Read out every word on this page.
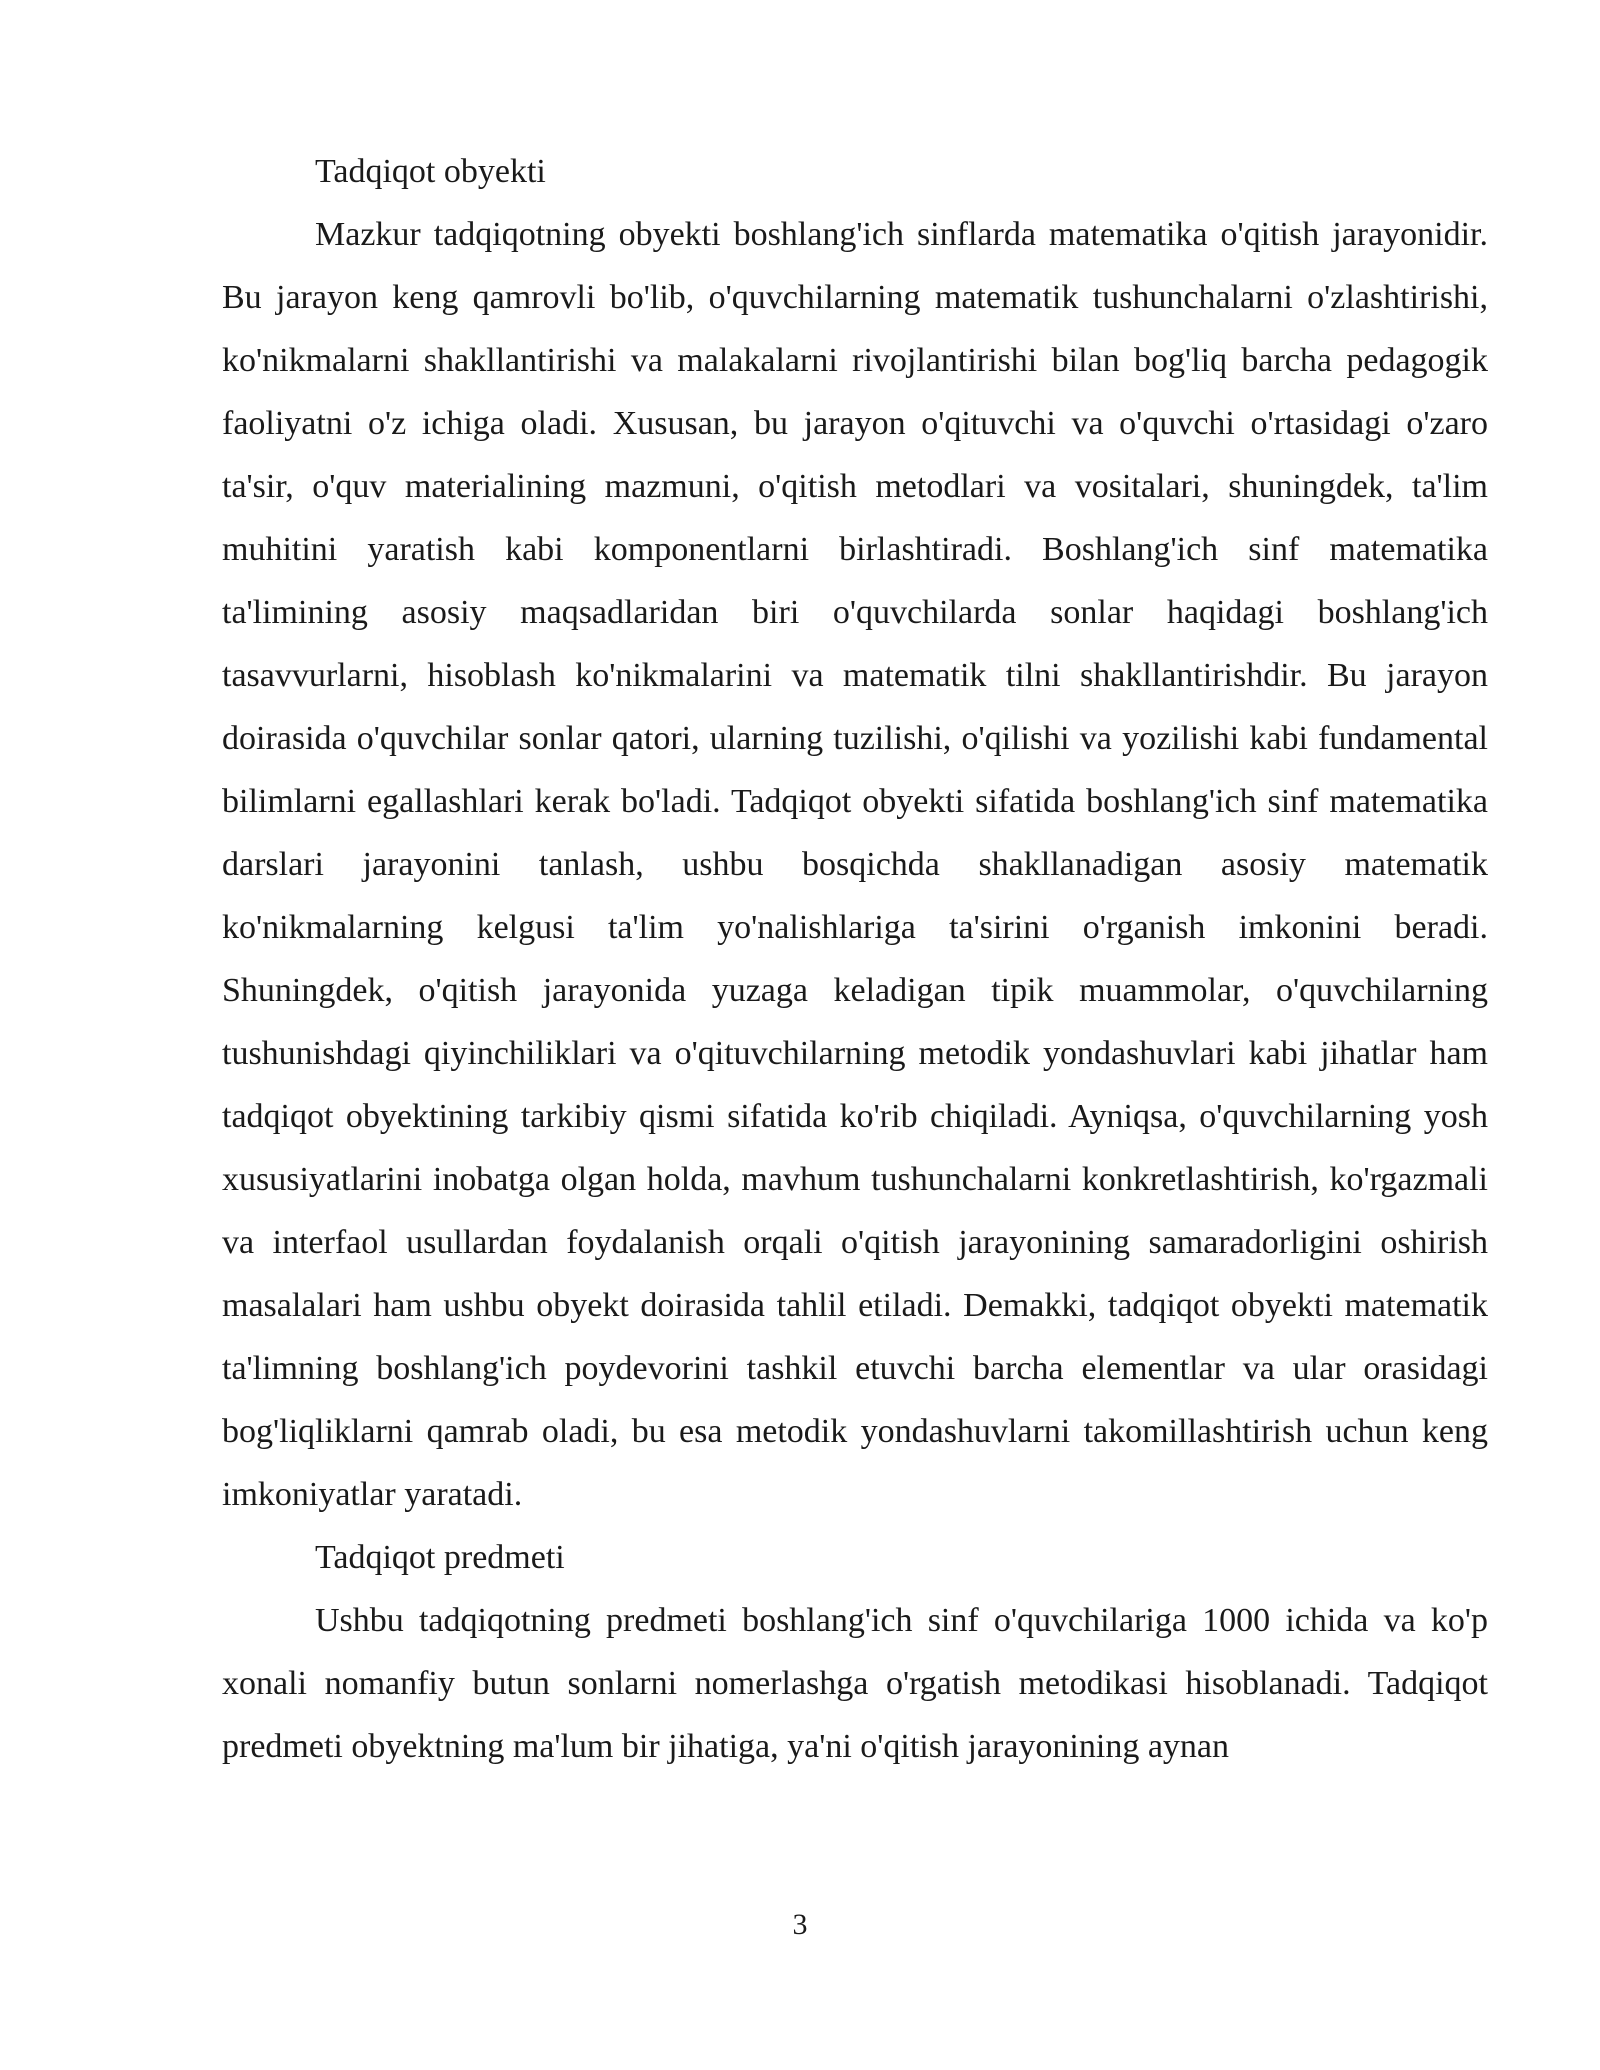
Tadqiqot obyekti

Mazkur tadqiqotning obyekti boshlang'ich sinflarda matematika o'qitish jarayonidir. Bu jarayon keng qamrovli bo'lib, o'quvchilarning matematik tushunchalarni o'zlashtirishi, ko'nikmalarni shakllantirishi va malakalarni rivojlantirishi bilan bog'liq barcha pedagogik faoliyatni o'z ichiga oladi. Xususan, bu jarayon o'qituvchi va o'quvchi o'rtasidagi o'zaro ta'sir, o'quv materialining mazmuni, o'qitish metodlari va vositalari, shuningdek, ta'lim muhitini yaratish kabi komponentlarni birlashtiradi. Boshlang'ich sinf matematika ta'limining asosiy maqsadlaridan biri o'quvchilarda sonlar haqidagi boshlang'ich tasavvurlarni, hisoblash ko'nikmalarini va matematik tilni shakllantirishdir. Bu jarayon doirasida o'quvchilar sonlar qatori, ularning tuzilishi, o'qilishi va yozilishi kabi fundamental bilimlarni egallashlari kerak bo'ladi. Tadqiqot obyekti sifatida boshlang'ich sinf matematika darslari jarayonini tanlash, ushbu bosqichda shakllanadigan asosiy matematik ko'nikmalarning kelgusi ta'lim yo'nalishlariga ta'sirini o'rganish imkonini beradi. Shuningdek, o'qitish jarayonida yuzaga keladigan tipik muammolar, o'quvchilarning tushunishdagi qiyinchiliklari va o'qituvchilarning metodik yondashuvlari kabi jihatlar ham tadqiqot obyektining tarkibiy qismi sifatida ko'rib chiqiladi. Ayniqsa, o'quvchilarning yosh xususiyatlarini inobatga olgan holda, mavhum tushunchalarni konkretlashtirish, ko'rgazmali va interfaol usullardan foydalanish orqali o'qitish jarayonining samaradorligini oshirish masalalari ham ushbu obyekt doirasida tahlil etiladi. Demakki, tadqiqot obyekti matematik ta'limning boshlang'ich poydevorini tashkil etuvchi barcha elementlar va ular orasidagi bog'liqliklarni qamrab oladi, bu esa metodik yondashuvlarni takomillashtirish uchun keng imkoniyatlar yaratadi.

Tadqiqot predmeti

Ushbu tadqiqotning predmeti boshlang'ich sinf o'quvchilariga 1000 ichida va ko'p xonali nomanfiy butun sonlarni nomerlashga o'rgatish metodikasi hisoblanadi. Tadqiqot predmeti obyektning ma'lum bir jihatiga, ya'ni o'qitish jarayonining aynan

3
